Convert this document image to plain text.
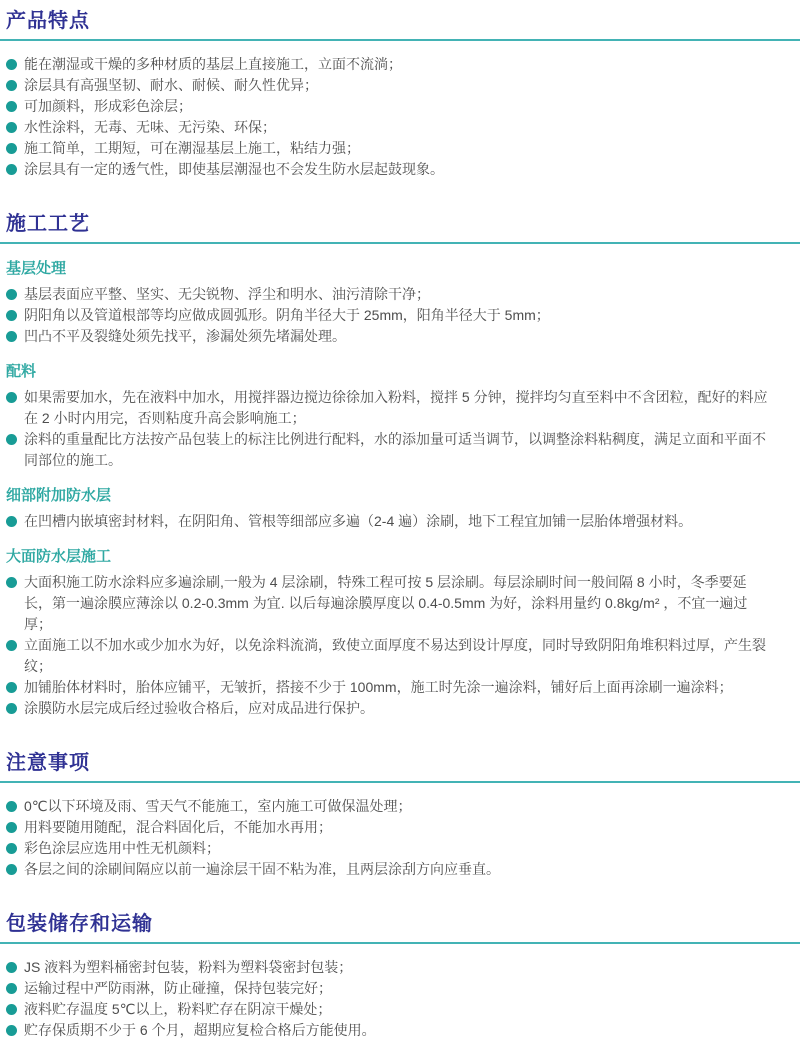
产品特点
能在潮湿或干燥的多种材质的基层上直接施工，立面不流淌；
涂层具有高强坚韧、耐水、耐候、耐久性优异；
可加颜料，形成彩色涂层；
水性涂料，无毒、无味、无污染、环保；
施工简单，工期短，可在潮湿基层上施工，粘结力强；
涂层具有一定的透气性，即使基层潮湿也不会发生防水层起鼓现象。
施工工艺
基层处理
基层表面应平整、坚实、无尖锐物、浮尘和明水、油污清除干净；
阴阳角以及管道根部等均应做成圆弧形。阴角半径大于 25mm，阳角半径大于 5mm；
凹凸不平及裂缝处须先找平，渗漏处须先堵漏处理。
配料
如果需要加水，先在液料中加水，用搅拌器边搅边徐徐加入粉料，搅拌 5 分钟，搅拌均匀直至料中不含团粒，配好的料应在 2 小时内用完，否则粘度升高会影响施工；
涂料的重量配比方法按产品包装上的标注比例进行配料，水的添加量可适当调节，以调整涂料粘稠度，满足立面和平面不同部位的施工。
细部附加防水层
在凹槽内嵌填密封材料，在阴阳角、管根等细部应多遍（2-4 遍）涂刷，地下工程宜加铺一层胎体增强材料。
大面防水层施工
大面积施工防水涂料应多遍涂刷,一般为 4 层涂刷，特殊工程可按 5 层涂刷。每层涂刷时间一般间隔 8 小时，冬季要延长，第一遍涂膜应薄涂以 0.2-0.3mm 为宜. 以后每遍涂膜厚度以 0.4-0.5mm 为好，涂料用量约 0.8kg/m² ，不宜一遍过厚；
立面施工以不加水或少加水为好，以免涂料流淌，致使立面厚度不易达到设计厚度，同时导致阴阳角堆积料过厚，产生裂纹；
加铺胎体材料时，胎体应铺平，无皱折，搭接不少于 100mm，施工时先涂一遍涂料，铺好后上面再涂刷一遍涂料；
涂膜防水层完成后经过验收合格后，应对成品进行保护。
注意事项
0℃以下环境及雨、雪天气不能施工，室内施工可做保温处理；
用料要随用随配，混合料固化后，不能加水再用；
彩色涂层应选用中性无机颜料；
各层之间的涂刷间隔应以前一遍涂层干固不粘为准，且两层涂刮方向应垂直。
包装储存和运输
JS 液料为塑料桶密封包装，粉料为塑料袋密封包装；
运输过程中严防雨淋，防止碰撞，保持包装完好；
液料贮存温度 5℃以上，粉料贮存在阴凉干燥处；
贮存保质期不少于 6 个月，超期应复检合格后方能使用。
